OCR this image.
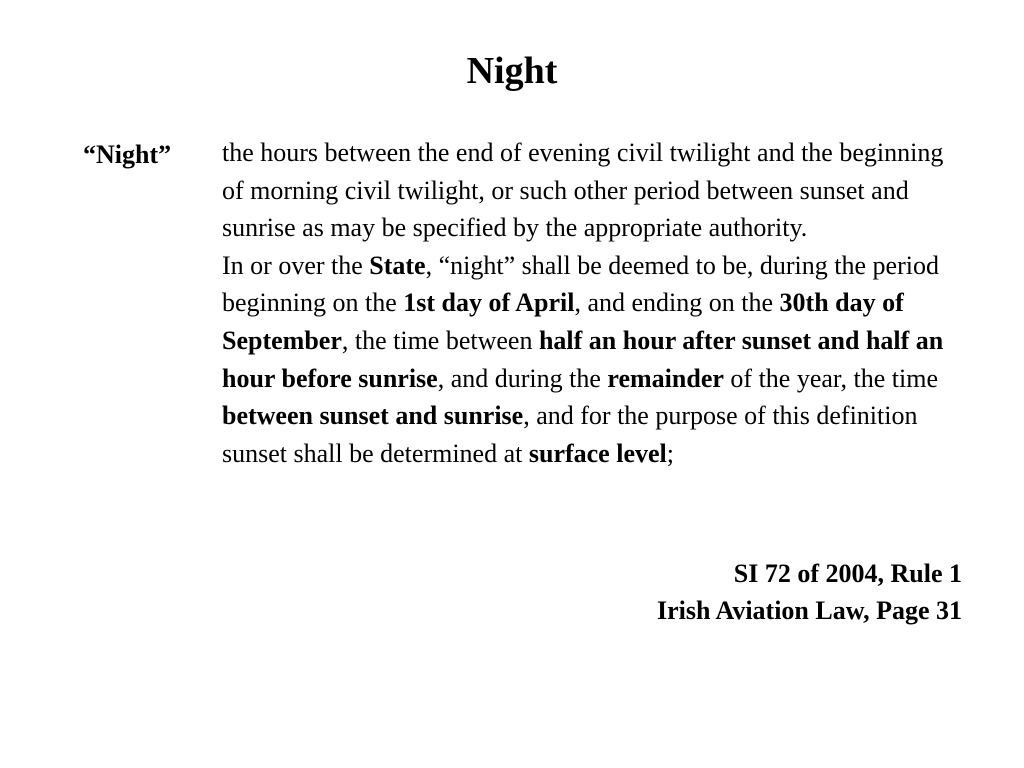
Night
“Night” the hours between the end of evening civil twilight and the beginning of morning civil twilight, or such other period between sunset and sunrise as may be specified by the appropriate authority.

In or over the State, “night” shall be deemed to be, during the period beginning on the 1st day of April, and ending on the 30th day of September, the time between half an hour after sunset and half an hour before sunrise, and during the remainder of the year, the time between sunset and sunrise, and for the purpose of this definition sunset shall be determined at surface level;

SI 72 of 2004, Rule 1
Irish Aviation Law, Page 31
